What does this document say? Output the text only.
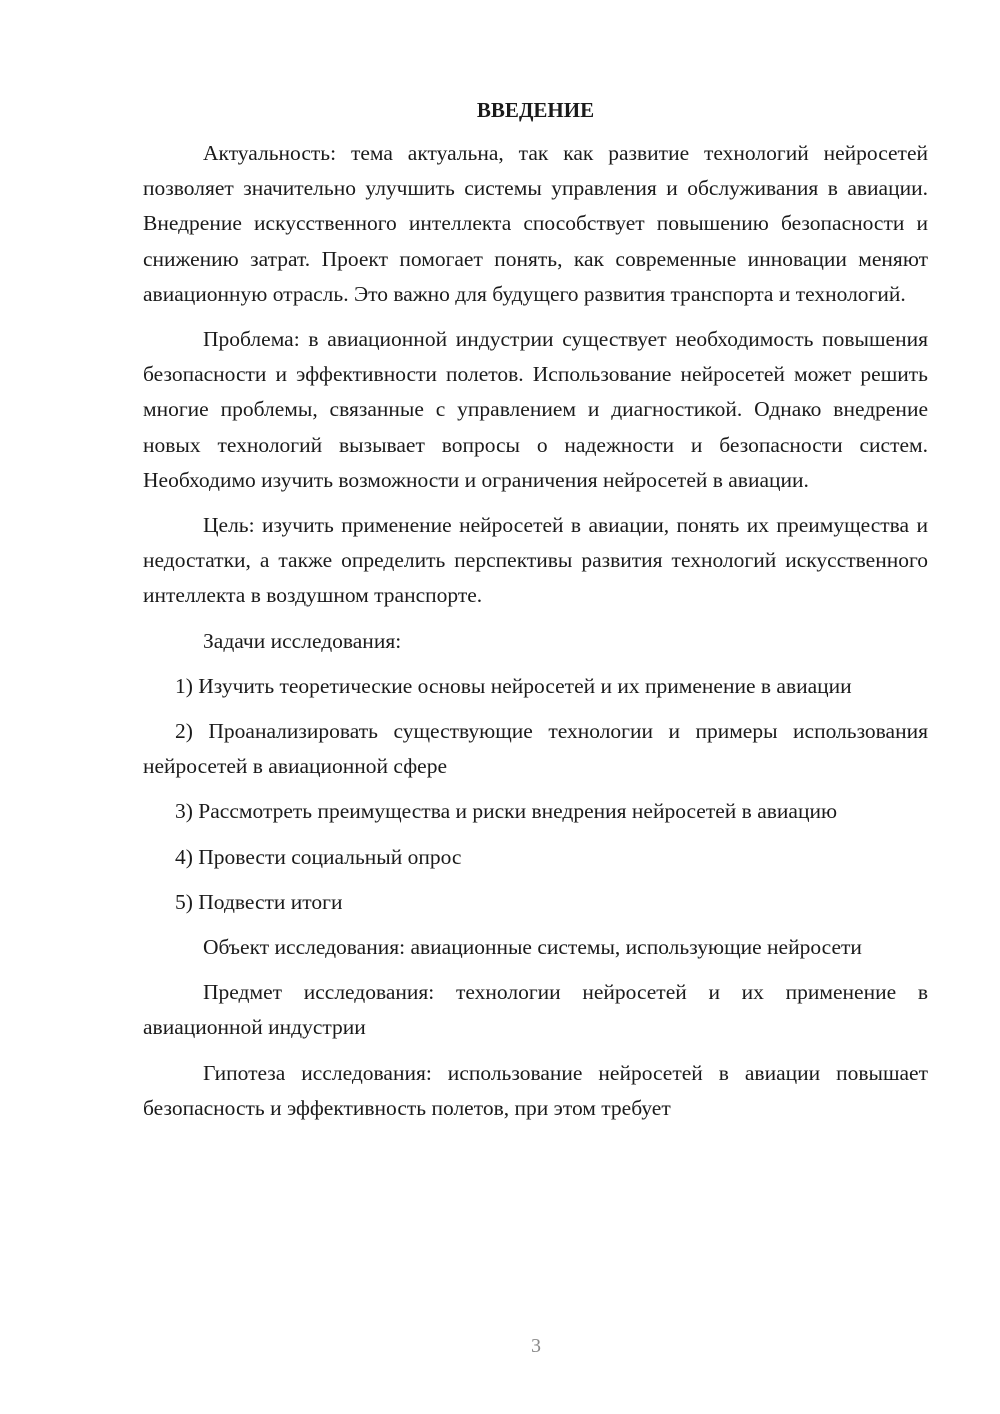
ВВЕДЕНИЕ

Актуальность: тема актуальна, так как развитие технологий нейросетей позволяет значительно улучшить системы управления и обслуживания в авиации. Внедрение искусственного интеллекта способствует повышению безопасности и снижению затрат. Проект помогает понять, как современные инновации меняют авиационную отрасль. Это важно для будущего развития транспорта и технологий.

Проблема: в авиационной индустрии существует необходимость повышения безопасности и эффективности полетов. Использование нейросетей может решить многие проблемы, связанные с управлением и диагностикой. Однако внедрение новых технологий вызывает вопросы о надежности и безопасности систем. Необходимо изучить возможности и ограничения нейросетей в авиации.

Цель: изучить применение нейросетей в авиации, понять их преимущества и недостатки, а также определить перспективы развития технологий искусственного интеллекта в воздушном транспорте.

Задачи исследования:

1) Изучить теоретические основы нейросетей и их применение в авиации

2) Проанализировать существующие технологии и примеры использования нейросетей в авиационной сфере

3) Рассмотреть преимущества и риски внедрения нейросетей в авиацию

4) Провести социальный опрос

5) Подвести итоги

Объект исследования: авиационные системы, использующие нейросети

Предмет исследования: технологии нейросетей и их применение в авиационной индустрии

Гипотеза исследования: использование нейросетей в авиации повышает безопасность и эффективность полетов, при этом требует

3
